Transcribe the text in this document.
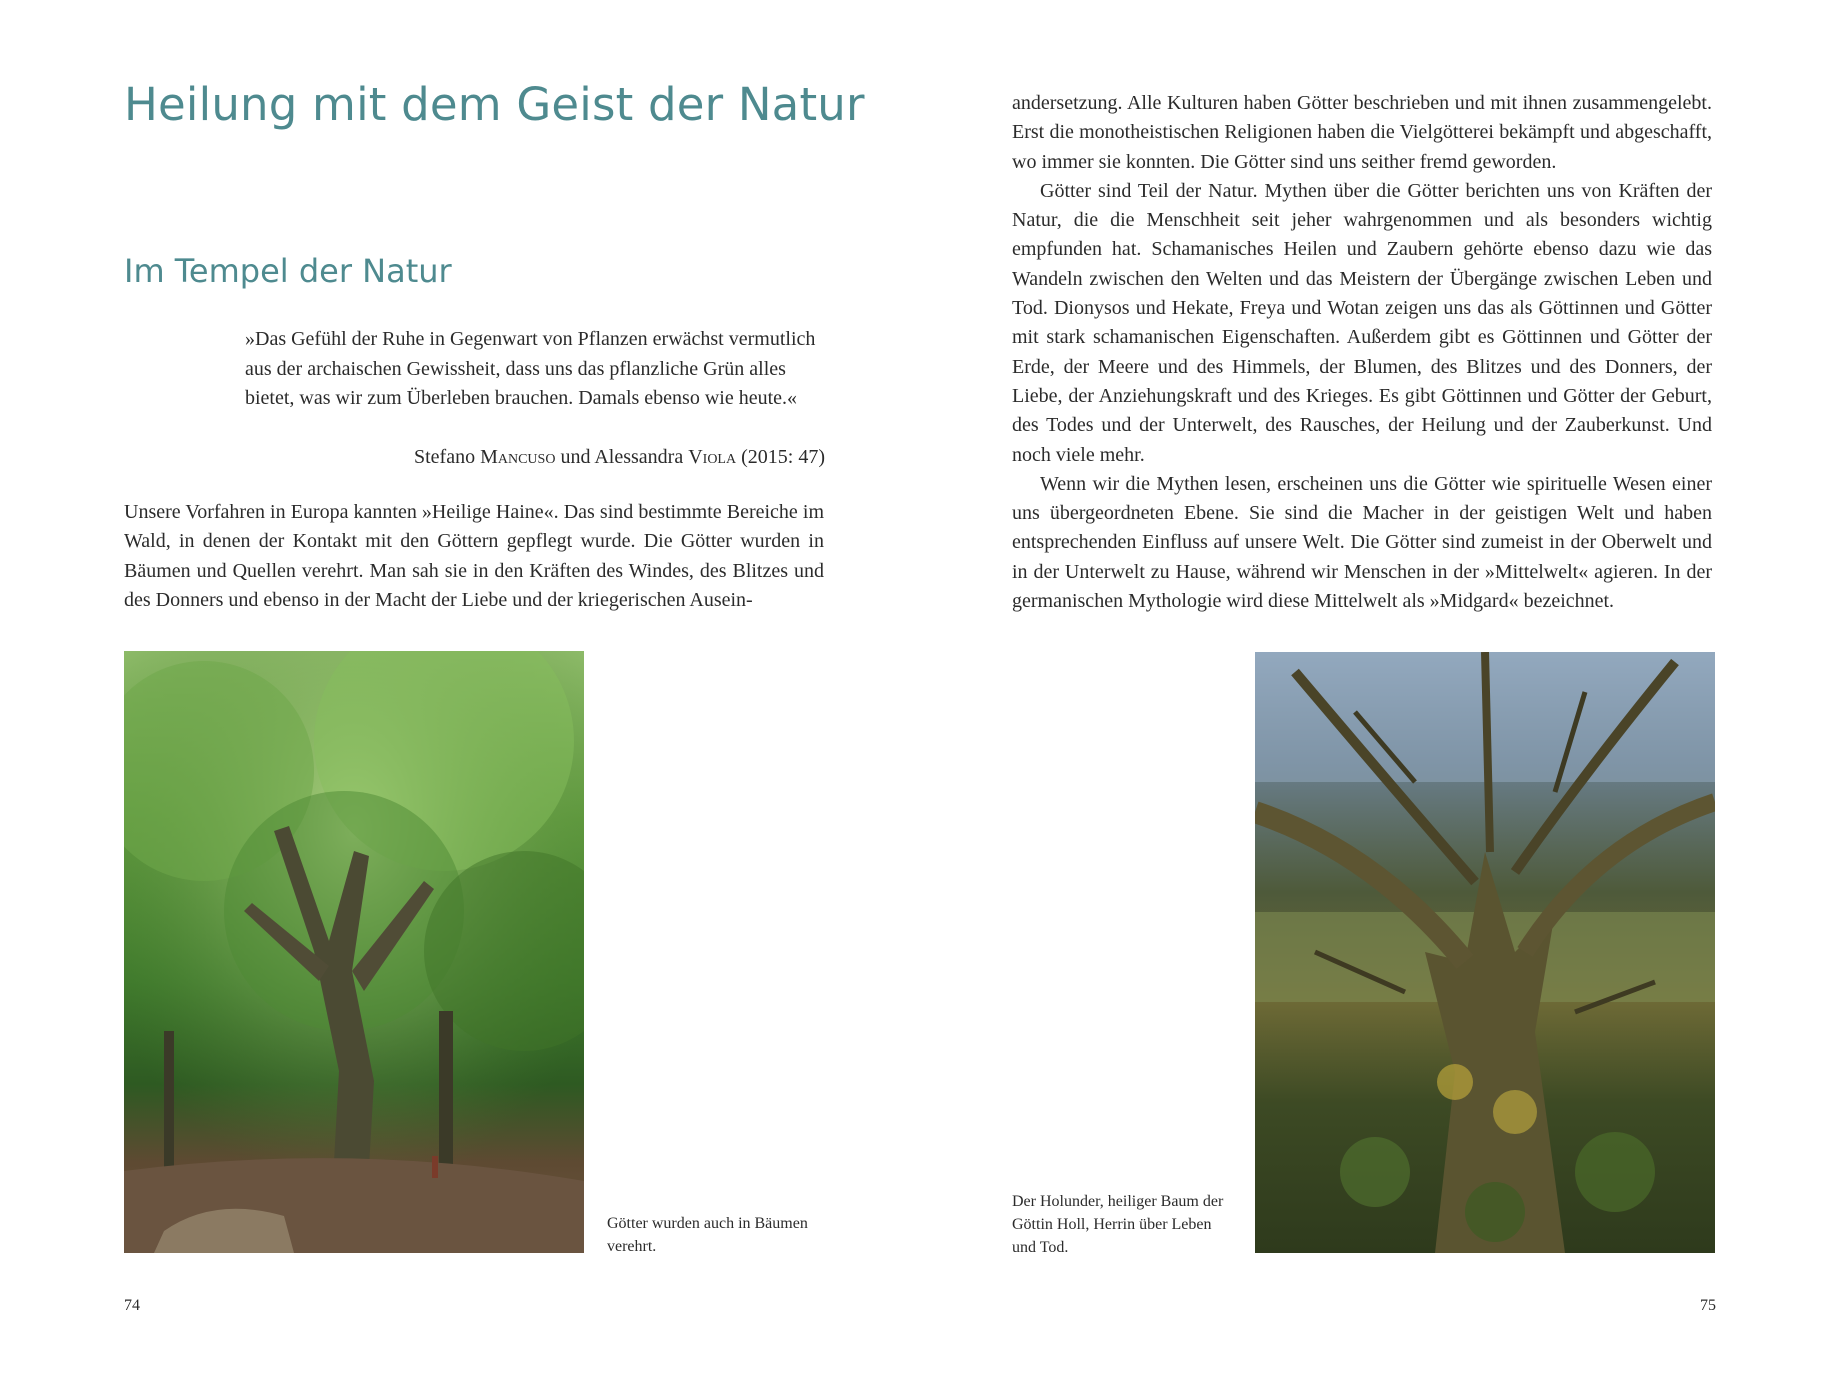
Heilung mit dem Geist der Natur
Im Tempel der Natur

»Das Gefühl der Ruhe in Gegenwart von Pflanzen erwächst vermutlich aus der archaischen Gewissheit, dass uns das pflanzliche Grün alles bietet, was wir zum Überleben brauchen. Damals ebenso wie heute.«

Stefano Mancuso und Alessandra Viola (2015: 47)

Unsere Vorfahren in Europa kannten »Heilige Haine«. Das sind bestimmte Bereiche im Wald, in denen der Kontakt mit den Göttern gepflegt wurde. Die Götter wurden in Bäumen und Quellen verehrt. Man sah sie in den Kräften des Windes, des Blitzes und des Donners und ebenso in der Macht der Liebe und der kriegerischen Ausein-

Götter wurden auch in Bäumen verehrt.
74

andersetzung. Alle Kulturen haben Götter beschrieben und mit ihnen zusammengelebt. Erst die monotheistischen Religionen haben die Vielgötterei bekämpft und abgeschafft, wo immer sie konnten. Die Götter sind uns seither fremd geworden.

Götter sind Teil der Natur. Mythen über die Götter berichten uns von Kräften der Natur, die die Menschheit seit jeher wahrgenommen und als besonders wichtig empfunden hat. Schamanisches Heilen und Zaubern gehörte ebenso dazu wie das Wandeln zwischen den Welten und das Meistern der Übergänge zwischen Leben und Tod. Dionysos und Hekate, Freya und Wotan zeigen uns das als Göttinnen und Götter mit stark schamanischen Eigenschaften. Außerdem gibt es Göttinnen und Götter der Erde, der Meere und des Himmels, der Blumen, des Blitzes und des Donners, der Liebe, der Anziehungskraft und des Krieges. Es gibt Göttinnen und Götter der Geburt, des Todes und der Unterwelt, des Rausches, der Heilung und der Zauberkunst. Und noch viele mehr.

Wenn wir die Mythen lesen, erscheinen uns die Götter wie spirituelle Wesen einer uns übergeordneten Ebene. Sie sind die Macher in der geistigen Welt und haben entsprechenden Einfluss auf unsere Welt. Die Götter sind zumeist in der Oberwelt und in der Unterwelt zu Hause, während wir Menschen in der »Mittelwelt« agieren. In der germanischen Mythologie wird diese Mittelwelt als »Midgard« bezeichnet.

Der Holunder, heiliger Baum der Göttin Holl, Herrin über Leben und Tod.
75
